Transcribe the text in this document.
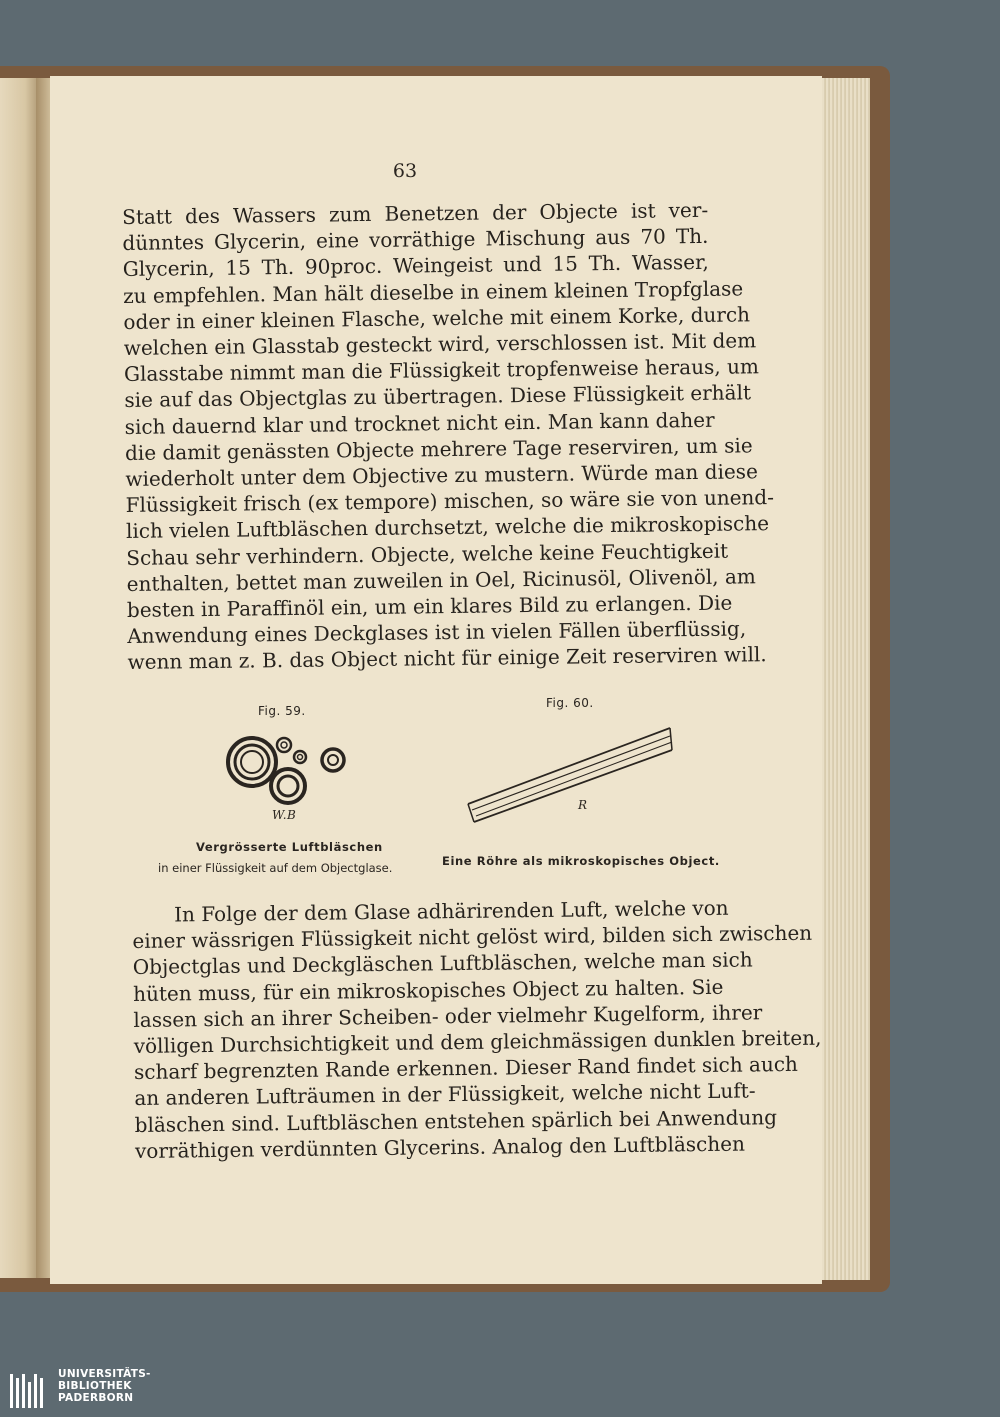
63
Statt des Wassers zum Benetzen der Objecte ist ver-
dünntes Glycerin, eine vorräthige Mischung aus 70 Th.
Glycerin, 15 Th. 90proc. Weingeist und 15 Th. Wasser,
zu empfehlen. Man hält dieselbe in einem kleinen Tropfglase
oder in einer kleinen Flasche, welche mit einem Korke, durch
welchen ein Glasstab gesteckt wird, verschlossen ist. Mit dem
Glasstabe nimmt man die Flüssigkeit tropfenweise heraus, um
sie auf das Objectglas zu übertragen. Diese Flüssigkeit erhält
sich dauernd klar und trocknet nicht ein. Man kann daher
die damit genässten Objecte mehrere Tage reserviren, um sie
wiederholt unter dem Objective zu mustern. Würde man diese
Flüssigkeit frisch (ex tempore) mischen, so wäre sie von unend-
lich vielen Luftbläschen durchsetzt, welche die mikroskopische
Schau sehr verhindern. Objecte, welche keine Feuchtigkeit
enthalten, bettet man zuweilen in Oel, Ricinusöl, Olivenöl, am
besten in Paraffinöl ein, um ein klares Bild zu erlangen. Die
Anwendung eines Deckglases ist in vielen Fällen überflüssig,
wenn man z. B. das Object nicht für einige Zeit reserviren will.
Fig. 59.
W.B
Vergrösserte Luftbläschen
in einer Flüssigkeit auf dem Objectglase.
Fig. 60.
R
Eine Röhre als mikroskopisches Object.
In Folge der dem Glase adhärirenden Luft, welche von
einer wässrigen Flüssigkeit nicht gelöst wird, bilden sich zwischen
Objectglas und Deckgläschen Luftbläschen, welche man sich
hüten muss, für ein mikroskopisches Object zu halten. Sie
lassen sich an ihrer Scheiben- oder vielmehr Kugelform, ihrer
völligen Durchsichtigkeit und dem gleichmässigen dunklen breiten,
scharf begrenzten Rande erkennen. Dieser Rand findet sich auch
an anderen Lufträumen in der Flüssigkeit, welche nicht Luft-
bläschen sind. Luftbläschen entstehen spärlich bei Anwendung
vorräthigen verdünnten Glycerins. Analog den Luftbläschen
UNIVERSITÄTS-
BIBLIOTHEK
PADERBORN
